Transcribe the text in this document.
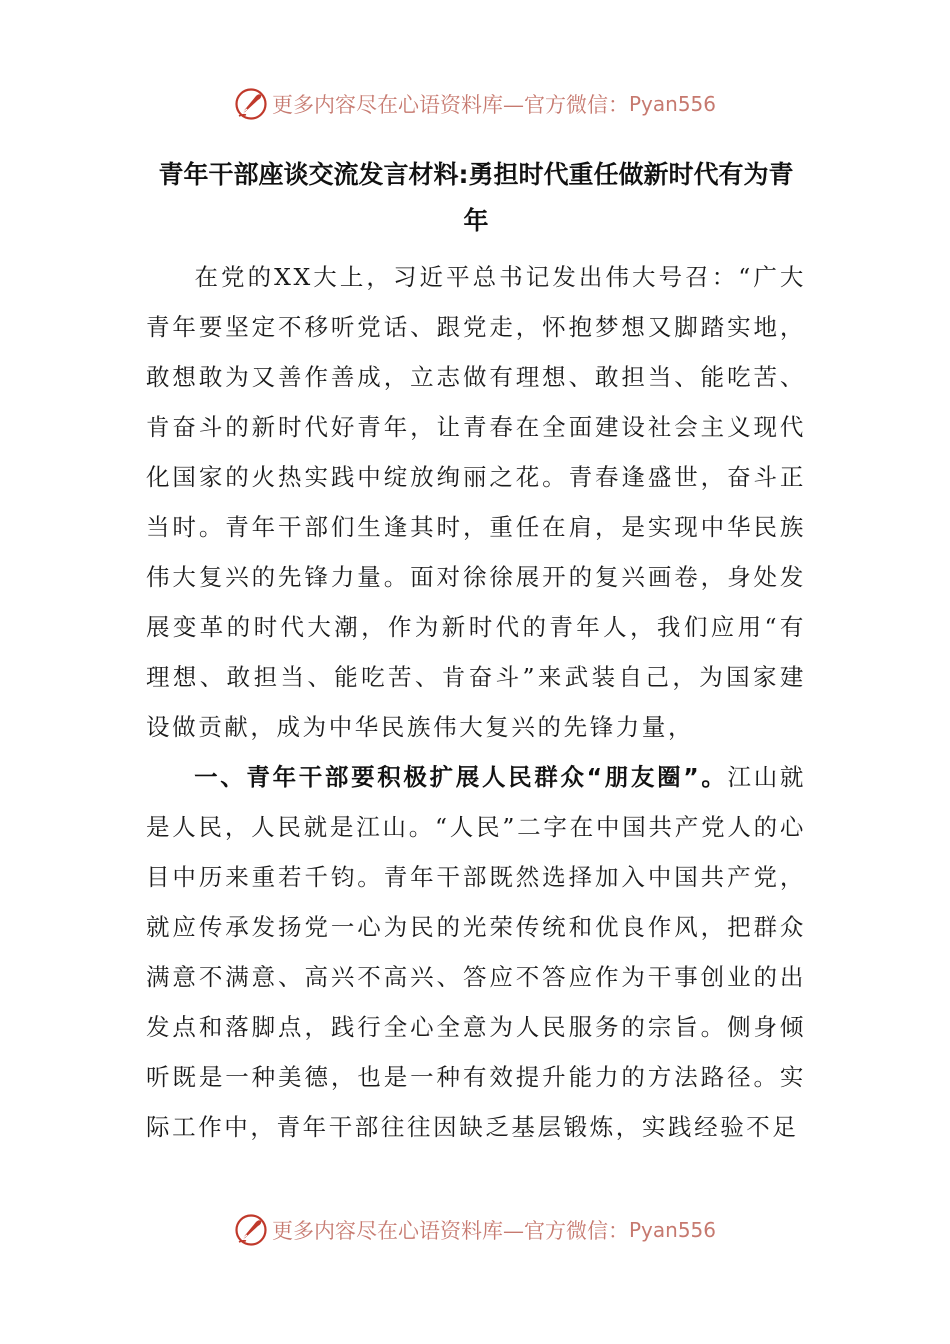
更多内容尽在心语资料库—官方微信： Pyan556
青年干部座谈交流发言材料:勇担时代重任做新时代有为青年

在党的XX大上，习近平总书记发出伟大号召：“广大青年要坚定不移听党话、跟党走，怀抱梦想又脚踏实地，敢想敢为又善作善成，立志做有理想、敢担当、能吃苦、肯奋斗的新时代好青年，让青春在全面建设社会主义现代化国家的火热实践中绽放绚丽之花。青春逢盛世，奋斗正当时。青年干部们生逢其时，重任在肩，是实现中华民族伟大复兴的先锋力量。面对徐徐展开的复兴画卷，身处发展变革的时代大潮，作为新时代的青年人，我们应用“有理想、敢担当、能吃苦、肯奋斗”来武装自己，为国家建设做贡献，成为中华民族伟大复兴的先锋力量，

一、青年干部要积极扩展人民群众“朋友圈”。江山就是人民，人民就是江山。“人民”二字在中国共产党人的心目中历来重若千钧。青年干部既然选择加入中国共产党，就应传承发扬党一心为民的光荣传统和优良作风，把群众满意不满意、高兴不高兴、答应不答应作为干事创业的出发点和落脚点，践行全心全意为人民服务的宗旨。侧身倾听既是一种美德，也是一种有效提升能力的方法路径。实际工作中，青年干部往往因缺乏基层锻炼，实践经验不足

更多内容尽在心语资料库—官方微信： Pyan556
